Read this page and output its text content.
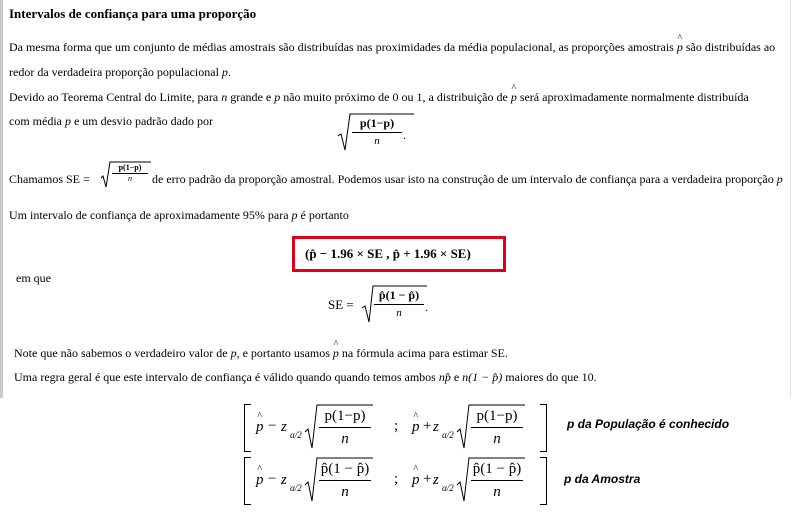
Intervalos de confiança para uma proporção
Da mesma forma que um conjunto de médias amostrais são distribuídas nas proximidades da média populacional, as proporções amostrais ^ p são distribuídas ao
redor da verdadeira proporção populacional p.
Devido ao Teorema Central do Limite, para n grande e p não muito próximo de 0 ou 1, a distribuição de ^ p será aproximadamente normalmente distribuída
com média p e um desvio padrão dado por	p(1−p)
n	.
Chamamos SE =
p(1−p)
n	de erro padrão da proporção amostral. Podemos usar isto na construção de um intervalo de confiança para a verdadeira proporção p
Um intervalo de confiança de aproximadamente 95% para p é portanto
(p̂ − 1.96 × SE , p̂ + 1.96 × SE)
em que
SE =
p̂(1 − p̂)
n	.
Note que não sabemos o verdadeiro valor de p, e portanto usamos ^ p na fórmula acima para estimar SE.
Uma regra geral é que este intervalo de confiança é válido quando quando temos ambos np̂ e n(1 − p̂) maiores do que 10.
^ p − z α/2
p(1−p)
n
; ^ p + z α/2
p(1−p)
n
p da População é conhecido
^ p − z α/2
p̂(1 − p̂)
n
; ^ p + z α/2
p̂(1 − p̂)
n
p da Amostra
